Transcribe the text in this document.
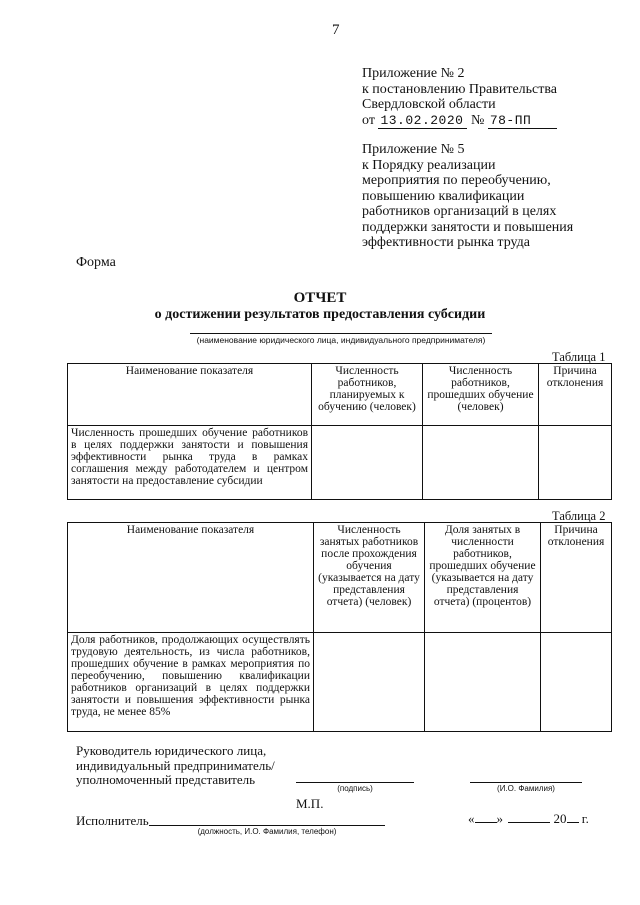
7
Приложение № 2
к постановлению Правительства
Свердловской области
от 13.02.2020 № 78-ПП
Приложение № 5
к Порядку реализации
мероприятия по переобучению,
повышению квалификации
работников организаций в целях
поддержки занятости и повышения
эффективности рынка труда
Форма
ОТЧЕТ
о достижении результатов предоставления субсидии
(наименование юридического лица, индивидуального предпринимателя)
Таблица 1
Наименование показателя	Численность работников, планируемых к обучению (человек)	Численность работников, прошедших обучение (человек)	Причина отклонения
Численность прошедших обучение работников в целях поддержки занятости и повышения эффективности рынка труда в рамках соглашения между работодателем и центром занятости на предоставление субсидии			
Таблица 2
Наименование показателя	Численность занятых работников после прохождения обучения (указывается на дату представления отчета) (человек)	Доля занятых в численности работников, прошедших обучение (указывается на дату представления отчета) (процентов)	Причина отклонения
Доля работников, продолжающих осуществлять трудовую деятельность, из числа работников, прошедших обучение в рамках мероприятия по переобучению, повышению квалификации работников организаций в целях поддержки занятости и повышения эффективности рынка труда, не менее 85%			
Руководитель юридического лица,
индивидуальный предприниматель/
уполномоченный представитель
(подпись)	(И.О. Фамилия)
М.П.
Исполнитель
(должность, И.О. Фамилия, телефон)
« »	20 г.
